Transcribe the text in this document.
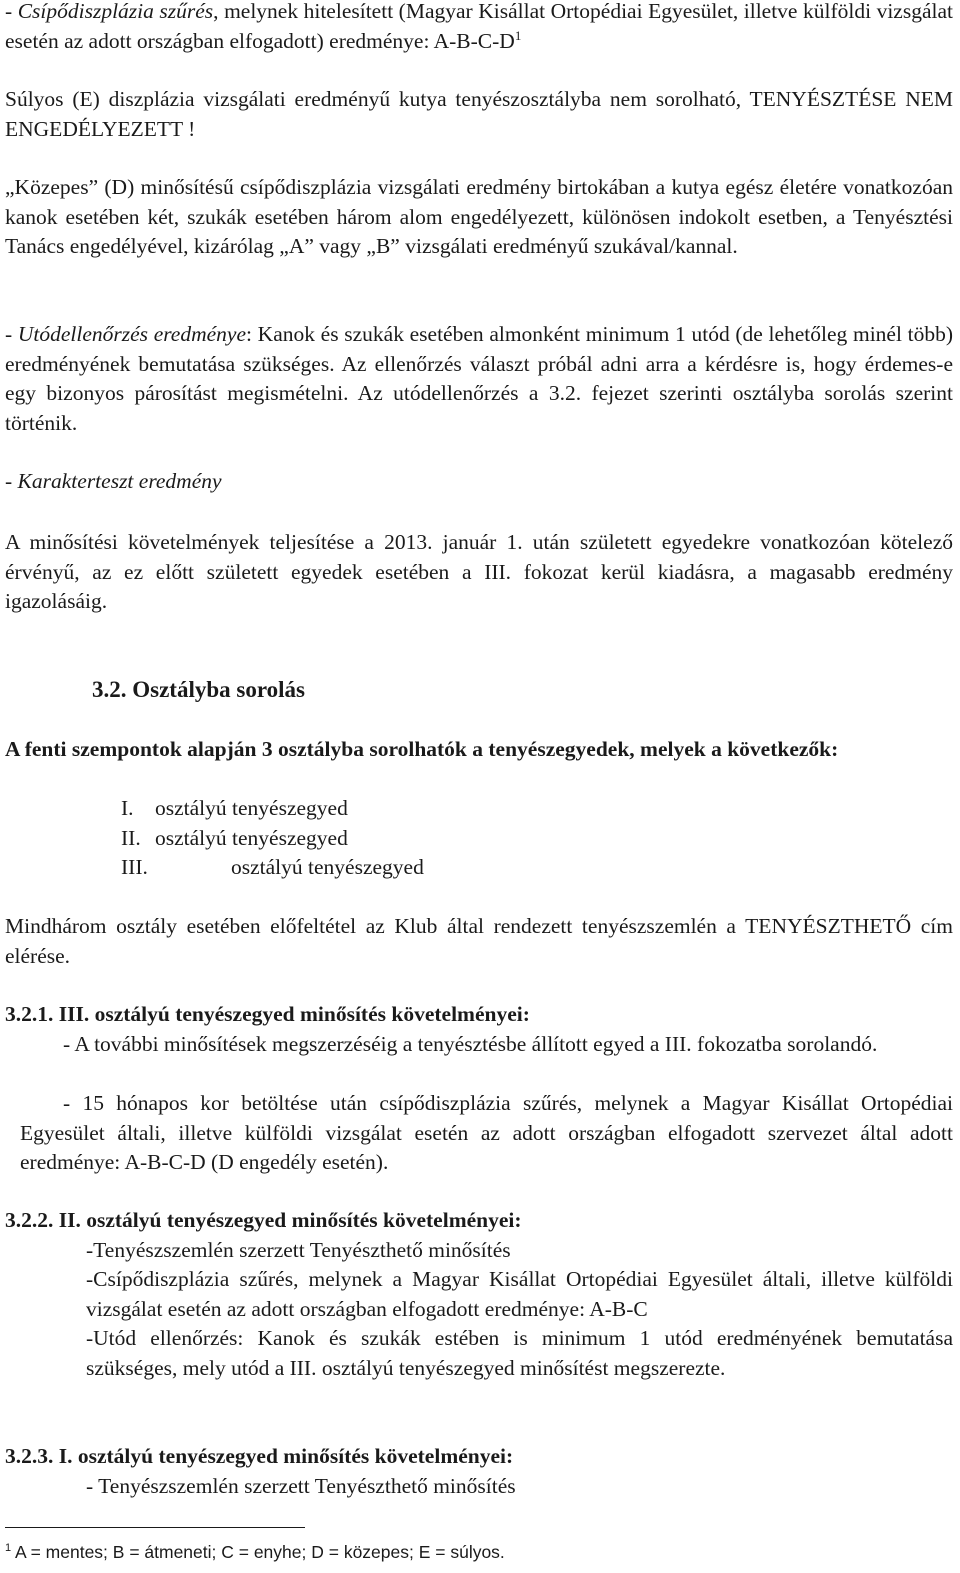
- Csípődiszplázia szűrés, melynek hitelesített (Magyar Kisállat Ortopédiai Egyesület, illetve külföldi vizsgálat esetén az adott országban elfogadott) eredménye: $A-B-C-D^1$
Súlyos (E) diszplázia vizsgálati eredményű kutya tenyészosztályba nem sorolható, TENYÉSZTÉSE NEM ENGEDÉLYEZETT !
„Közepes” (D) minősítésű csípődiszplázia vizsgálati eredmény birtokában a kutya egész életére vonatkozóan kanok esetében két, szukák esetében három alom engedélyezett, különösen indokolt esetben, a Tenyésztési Tanács engedélyével, kizárólag „A” vagy „B” vizsgálati eredményű szukával/kannal.
- Utódellenőrzés eredménye: Kanok és szukák esetében almonként minimum 1 utód (de lehetőleg minél több) eredményének bemutatása szükséges. Az ellenőrzés választ próbál adni arra a kérdésre is, hogy érdemes-e egy bizonyos párosítást megismételni. Az utódellenőrzés a 3.2. fejezet szerinti osztályba sorolás szerint történik.
- Karakterteszt eredmény
A minősítési követelmények teljesítése a 2013. január 1. után született egyedekre vonatkozóan kötelező érvényű, az ez előtt született egyedek esetében a III. fokozat kerül kiadásra, a magasabb eredmény igazolásáig.
3.2. Osztályba sorolás
A fenti szempontok alapján 3 osztályba sorolhatók a tenyészegyedek, melyek a következők:
I. osztályú tenyészegyed
II. osztályú tenyészegyed
III.	osztályú tenyészegyed
Mindhárom osztály esetében előfeltétel az Klub által rendezett tenyészszemlén a TENYÉSZTHETŐ cím elérése.
3.2.1. III. osztályú tenyészegyed minősítés követelményei:
- A további minősítések megszerzéséig a tenyésztésbe állított egyed a III. fokozatba sorolandó.
- 15 hónapos kor betöltése után csípődiszplázia szűrés, melynek a Magyar Kisállat Ortopédiai Egyesület általi, illetve külföldi vizsgálat esetén az adott országban elfogadott szervezet által adott eredménye: A-B-C-D (D engedély esetén).
3.2.2. II. osztályú tenyészegyed minősítés követelményei:
-Tenyészszemlén szerzett Tenyészthető minősítés
-Csípődiszplázia szűrés, melynek a Magyar Kisállat Ortopédiai Egyesület általi, illetve külföldi vizsgálat esetén az adott országban elfogadott eredménye: A-B-C
-Utód ellenőrzés: Kanok és szukák estében is minimum 1 utód eredményének bemutatása szükséges, mely utód a III. osztályú tenyészegyed minősítést megszerezte.
3.2.3. I. osztályú tenyészegyed minősítés követelményei:
- Tenyészszemlén szerzett Tenyészthető minősítés
$^1$ A = mentes; B = átmeneti; C = enyhe; D = közepes; E = súlyos.
